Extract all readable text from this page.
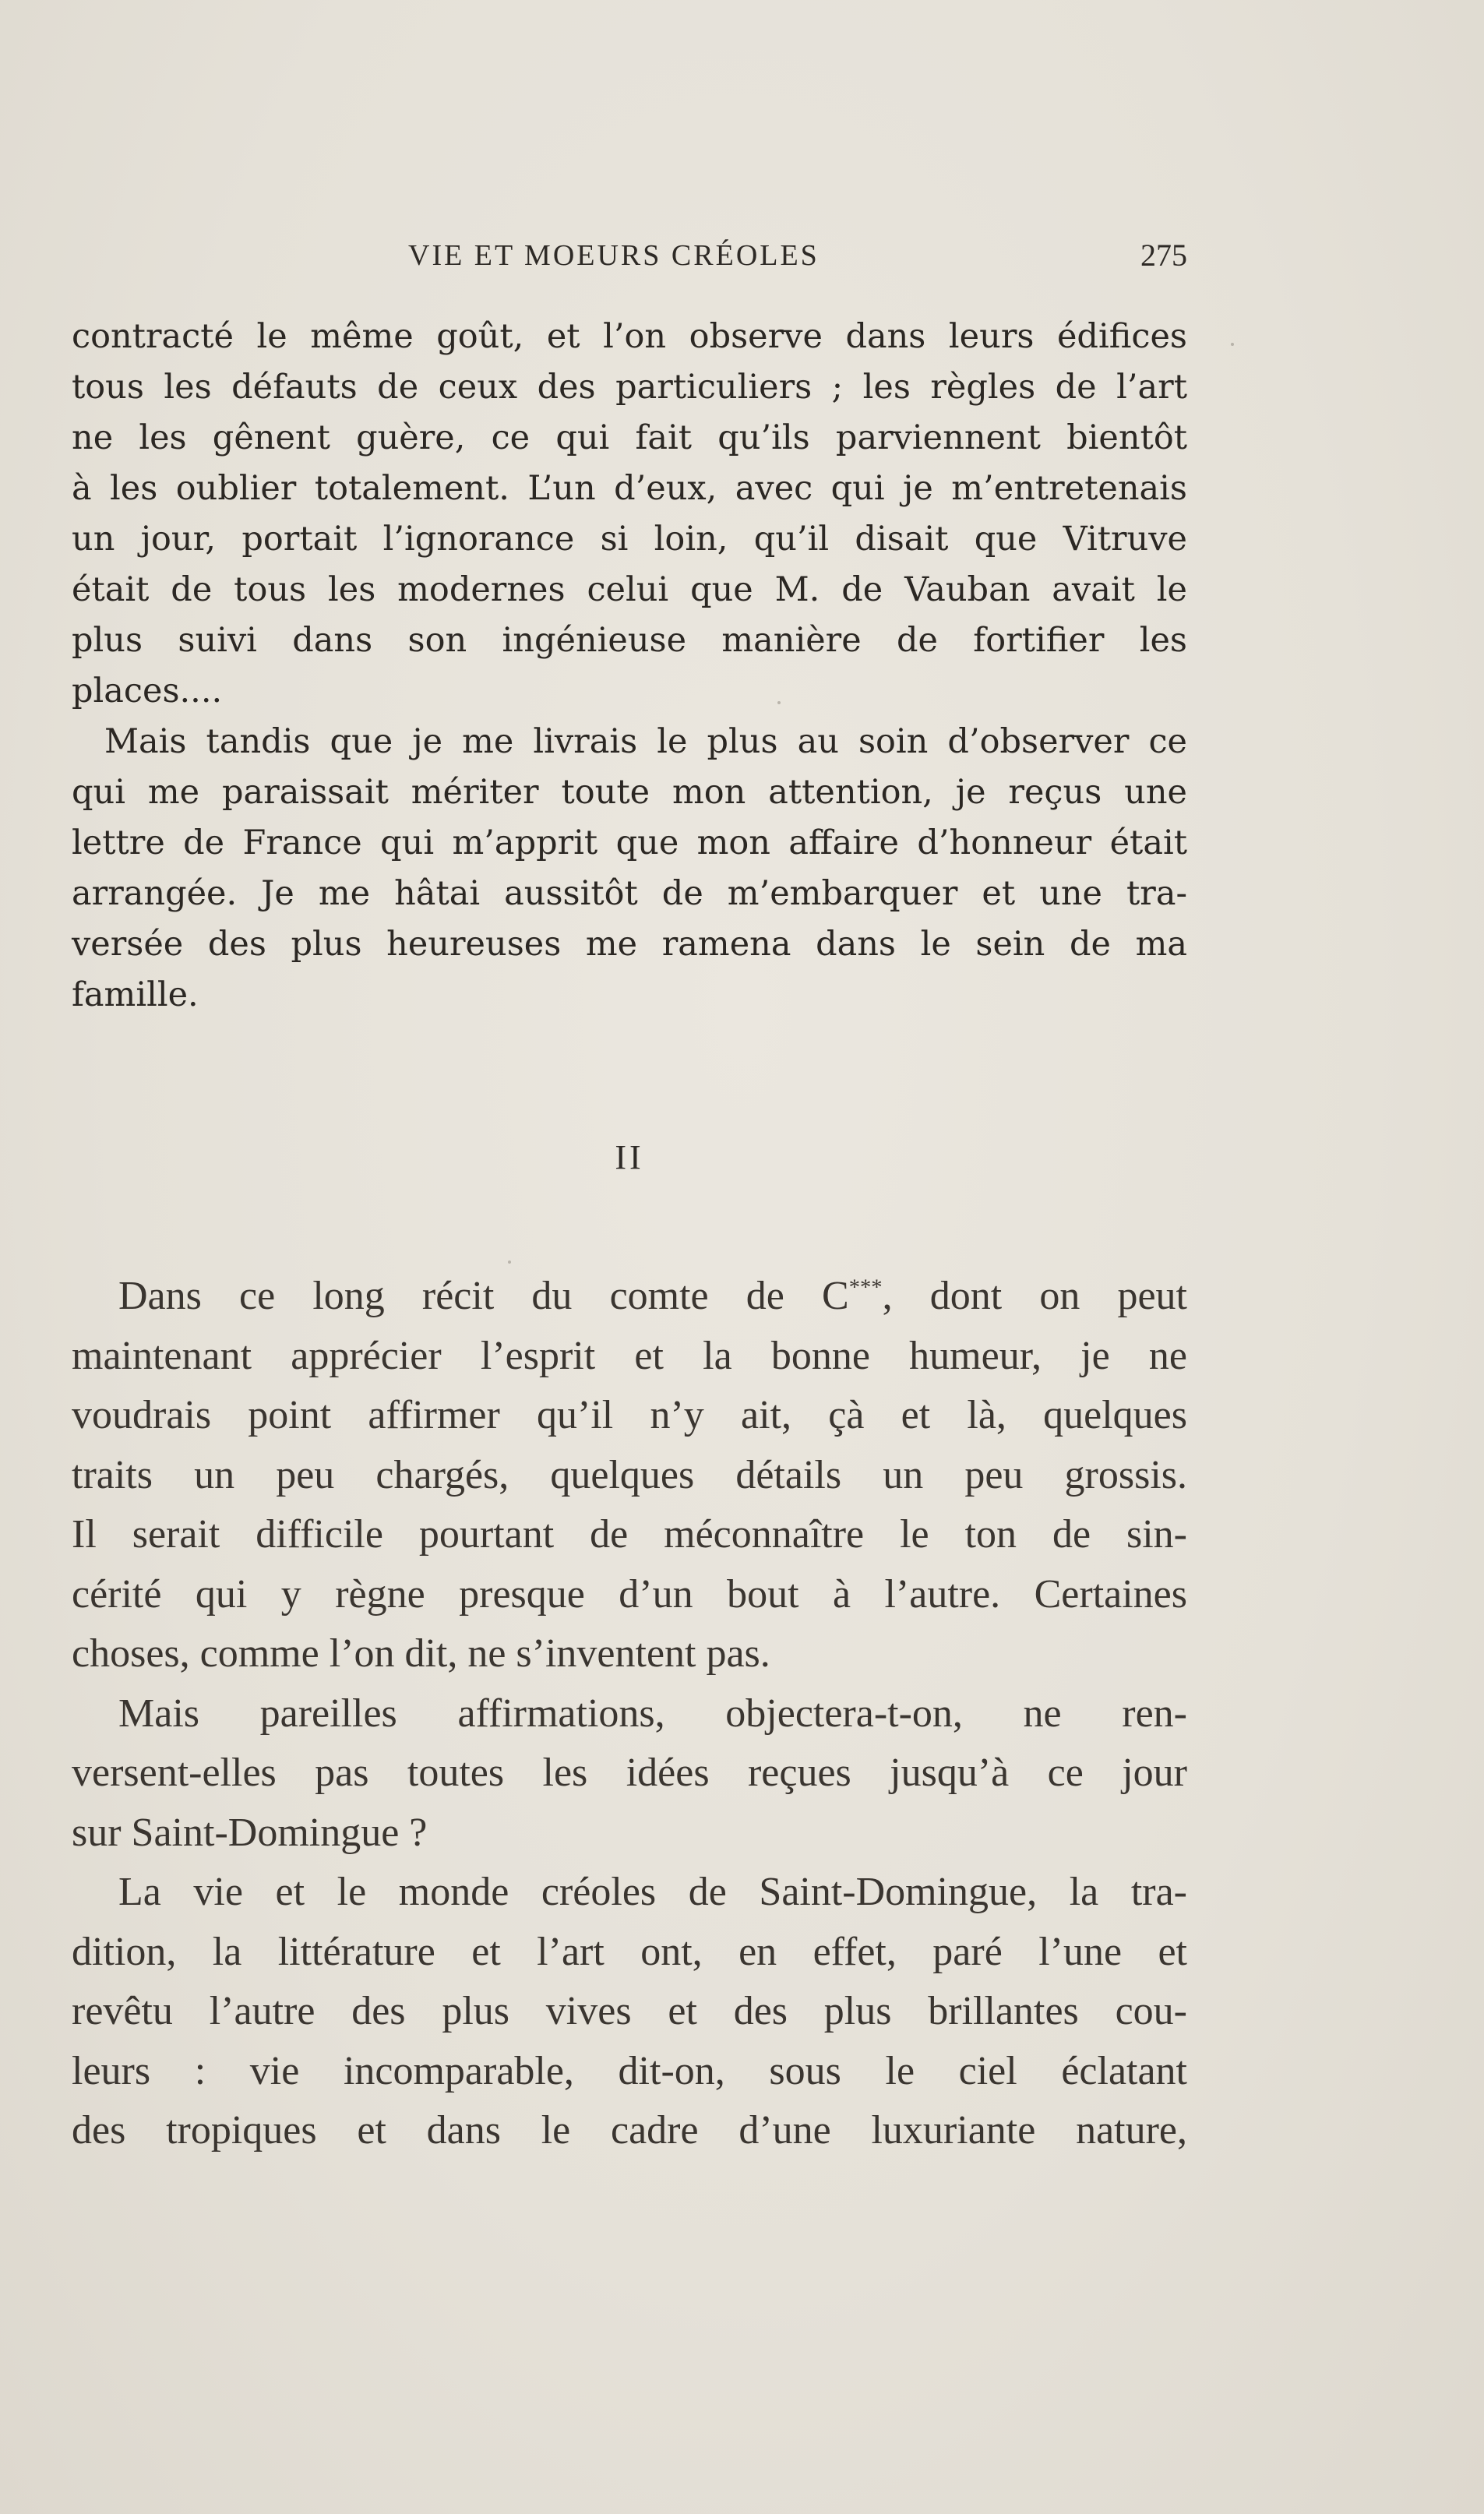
VIE ET MOEURS CRÉOLES	275
contracté le même goût, et l’on observe dans leurs édifices
tous les défauts de ceux des particuliers ; les règles de l’art
ne les gênent guère, ce qui fait qu’ils parviennent bientôt
à les oublier totalement. L’un d’eux, avec qui je m’entretenais
un jour, portait l’ignorance si loin, qu’il disait que Vitruve
était de tous les modernes celui que M. de Vauban avait le
plus suivi dans son ingénieuse manière de fortifier les
places....
Mais tandis que je me livrais le plus au soin d’observer ce
qui me paraissait mériter toute mon attention, je reçus une
lettre de France qui m’apprit que mon affaire d’honneur était
arrangée. Je me hâtai aussitôt de m’embarquer et une tra-
versée des plus heureuses me ramena dans le sein de ma
famille.
II
Dans ce long récit du comte de C***, dont on peut
maintenant apprécier l’esprit et la bonne humeur, je ne
voudrais point affirmer qu’il n’y ait, çà et là, quelques
traits un peu chargés, quelques détails un peu grossis.
Il serait difficile pourtant de méconnaître le ton de sin-
cérité qui y règne presque d’un bout à l’autre. Certaines
choses, comme l’on dit, ne s’inventent pas.
Mais pareilles affirmations, objectera-t-on, ne ren-
versent-elles pas toutes les idées reçues jusqu’à ce jour
sur Saint-Domingue ?
La vie et le monde créoles de Saint-Domingue, la tra-
dition, la littérature et l’art ont, en effet, paré l’une et
revêtu l’autre des plus vives et des plus brillantes cou-
leurs : vie incomparable, dit-on, sous le ciel éclatant
des tropiques et dans le cadre d’une luxuriante nature,
